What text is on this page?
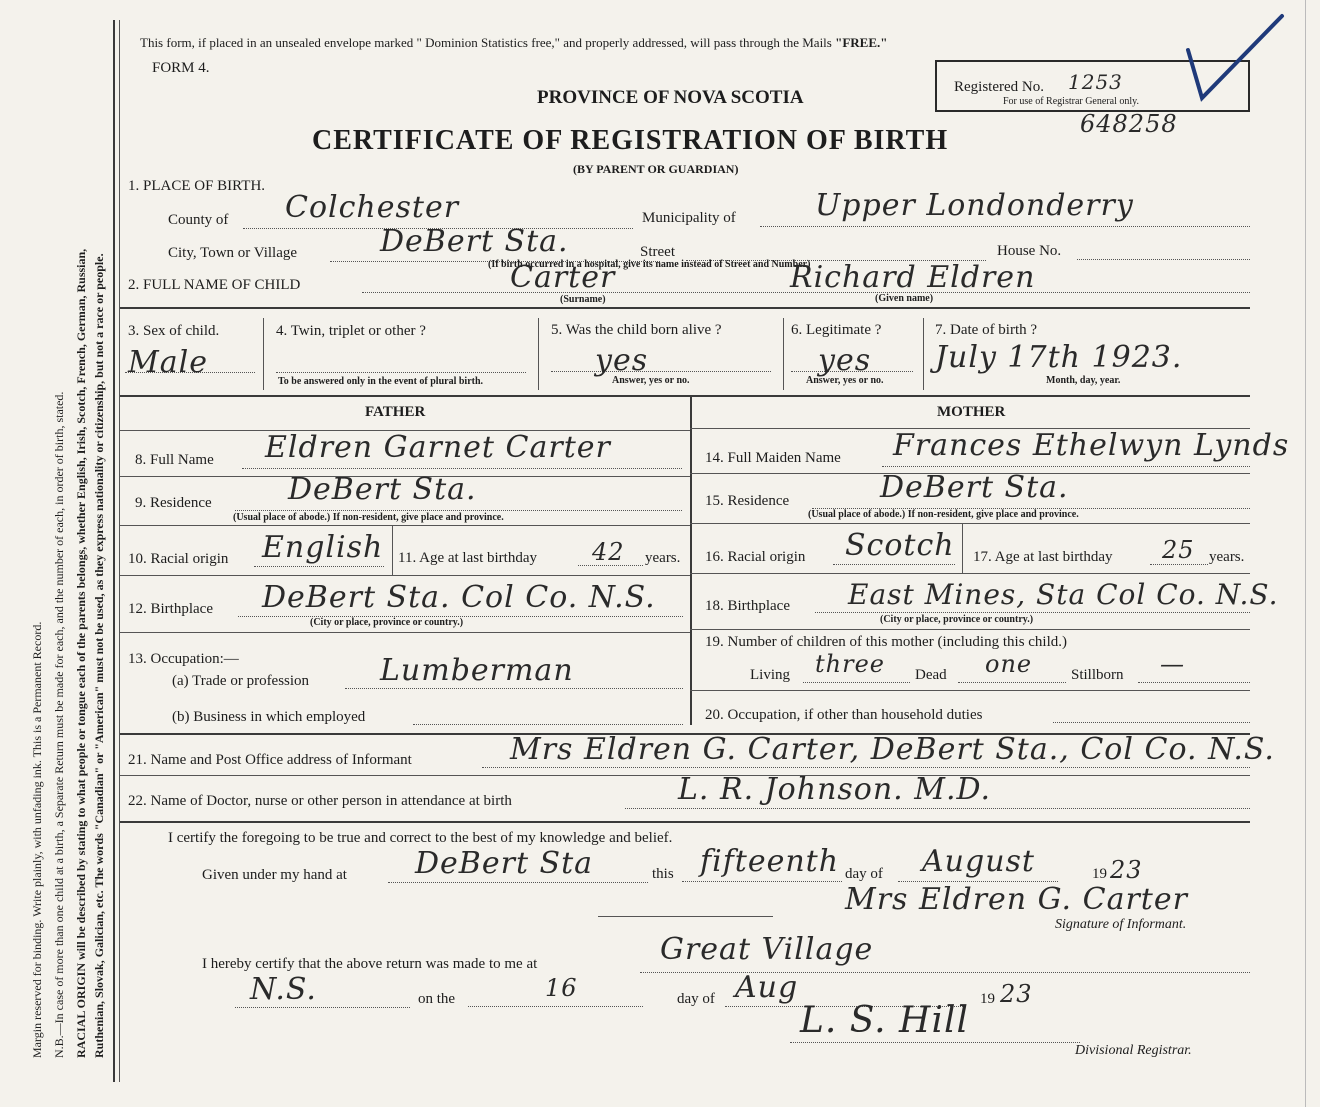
Margin reserved for binding. Write plainly, with unfading ink. This is a Permanent Record. N.B.—In case of more than one child at a birth, a Separate Return must be made for each, and the number of each, in order of birth, stated. RACIAL ORIGIN will be described by stating to what people or tongue each of the parents belongs, whether English, Irish, Scotch, French, German, Russian, Ruthenian, Slovak, Galician, etc. The words "Canadian" or "American" must not be used, as they express nationality or citizenship, but not a race or people.
This form, if placed in an unsealed envelope marked " Dominion Statistics free," and properly addressed, will pass through the Mails "FREE."
FORM 4.
PROVINCE OF NOVA SCOTIA
CERTIFICATE OF REGISTRATION OF BIRTH
(BY PARENT OR GUARDIAN)
Registered No. 1253
For use of Registrar General only.
648258
1. PLACE OF BIRTH.
County of Colchester	Municipality of	Upper Londonderry
City, Town or Village	DeBert Sta.	Street	House No.
(If birth occurred in a hospital, give its name instead of Street and Number)
2. FULL NAME OF CHILD	Carter	Richard Eldren
(Surname)	(Given name)
3. Sex of child.
Male
4. Twin, triplet or other ?
To be answered only in the event of plural birth.
5. Was the child born alive ?
yes
Answer, yes or no.
6. Legitimate ?
yes
Answer, yes or no.
7. Date of birth ?
July 17th 1923.
Month, day, year.
FATHER
8. Full Name Eldren Garnet Carter
9. Residence	DeBert Sta.
(Usual place of abode.) If non-resident, give place and province.
10. Racial origin English 11. Age at last birthday 42 years.
12. Birthplace DeBert Sta. Col Co. N.S.
(City or place, province or country.)
13. Occupation:—
(a) Trade or profession Lumberman
(b) Business in which employed
MOTHER
14. Full Maiden Name Frances Ethelwyn Lynds
15. Residence	DeBert Sta.
(Usual place of abode.) If non-resident, give place and province.
16. Racial origin Scotch 17. Age at last birthday 25 years.
18. Birthplace East Mines, Sta Col Co. N.S.
(City or place, province or country.)
19. Number of children of this mother (including this child.)
Living three Dead one	Stillborn —
20. Occupation, if other than household duties
21. Name and Post Office address of Informant	Mrs Eldren G. Carter, DeBert Sta., Col Co. N.S.
22. Name of Doctor, nurse or other person in attendance at birth	L. R. Johnson. M.D.
I certify the foregoing to be true and correct to the best of my knowledge and belief.
Given under my hand at DeBert Sta	this fifteenth day of August	19 23
Mrs Eldren G. Carter
Signature of Informant.
I hereby certify that the above return was made to me at	Great Village
N.S.	on the	16	day of Aug	19 23
L. S. Hill
Divisional Registrar.
